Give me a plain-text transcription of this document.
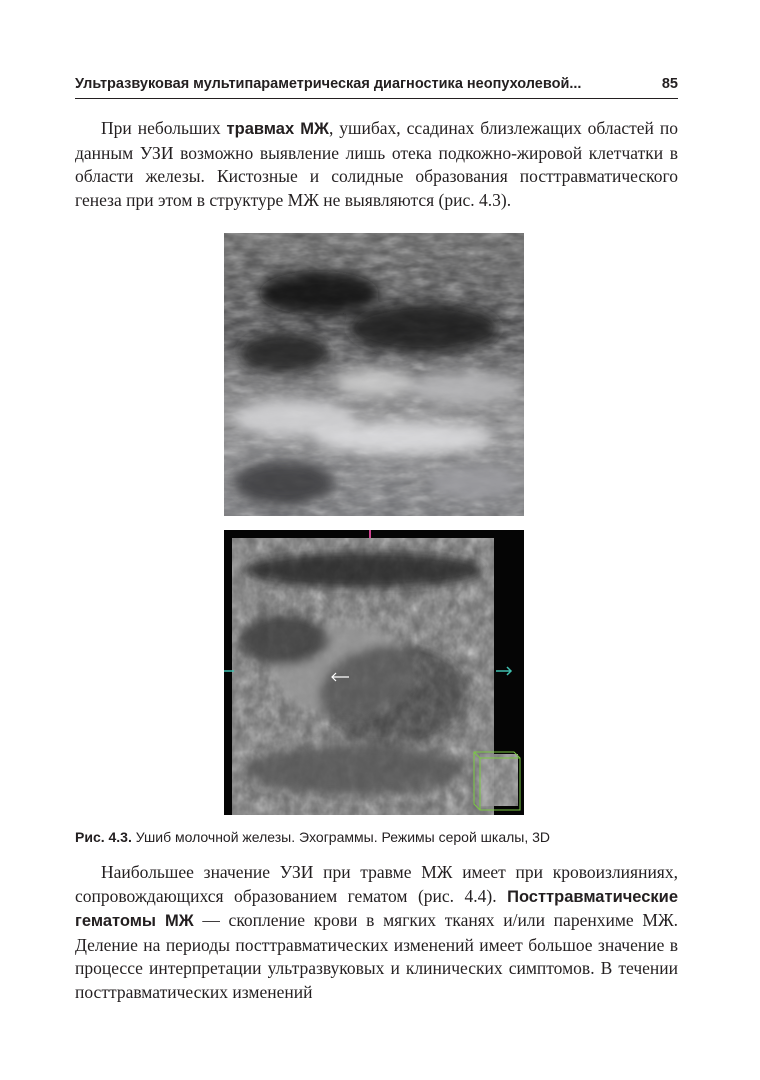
Ультразвуковая мультипараметрическая диагностика неопухолевой...	85

При небольших травмах МЖ, ушибах, ссадинах близлежащих областей по данным УЗИ возможно выявление лишь отека подкожно-жировой клетчатки в области железы. Кистозные и солидные образования посттравматического генеза при этом в структуре МЖ не выявляются (рис. 4.3).

Рис. 4.3. Ушиб молочной железы. Эхограммы. Режимы серой шкалы, 3D

Наибольшее значение УЗИ при травме МЖ имеет при кровоизлияниях, сопровождающихся образованием гематом (рис. 4.4). Посттравматические гематомы МЖ — скопление крови в мягких тканях и/или паренхиме МЖ. Деление на периоды посттравматических изменений имеет большое значение в процессе интерпретации ультразвуковых и клинических симптомов. В течении посттравматических изменений
